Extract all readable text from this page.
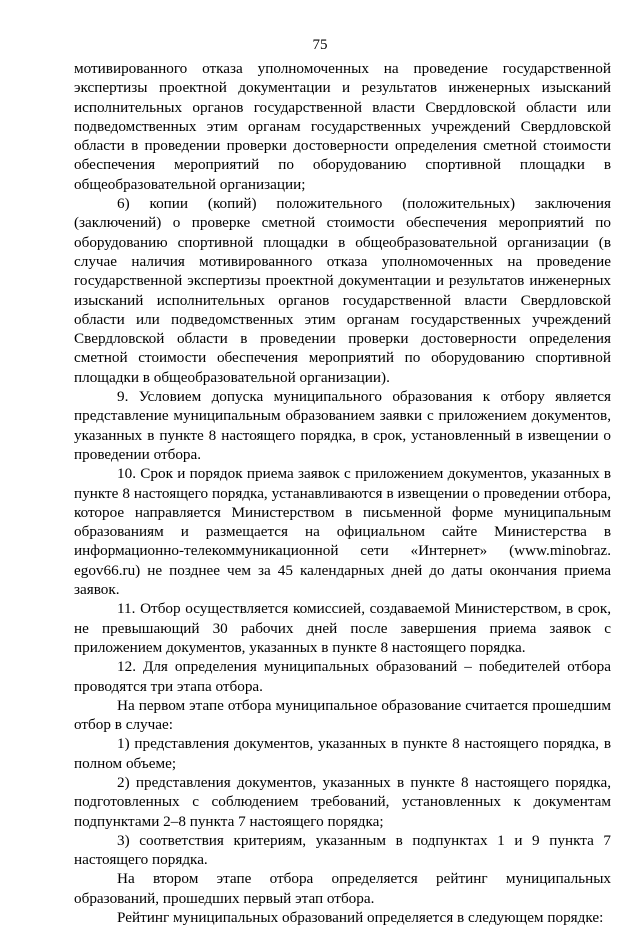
75

мотивированного отказа уполномоченных на проведение государственной экспертизы проектной документации и результатов инженерных изысканий исполнительных органов государственной власти Свердловской области или подведомственных этим органам государственных учреждений Свердловской области в проведении проверки достоверности определения сметной стоимости обеспечения мероприятий по оборудованию спортивной площадки в общеобразовательной организации;

6) копии (копий) положительного (положительных) заключения (заключений) о проверке сметной стоимости обеспечения мероприятий по оборудованию спортивной площадки в общеобразовательной организации (в случае наличия мотивированного отказа уполномоченных на проведение государственной экспертизы проектной документации и результатов инженерных изысканий исполнительных органов государственной власти Свердловской области или подведомственных этим органам государственных учреждений Свердловской области в проведении проверки достоверности определения сметной стоимости обеспечения мероприятий по оборудованию спортивной площадки в общеобразовательной организации).

9. Условием допуска муниципального образования к отбору является представление муниципальным образованием заявки с приложением документов, указанных в пункте 8 настоящего порядка, в срок, установленный в извещении о проведении отбора.

10. Срок и порядок приема заявок с приложением документов, указанных в пункте 8 настоящего порядка, устанавливаются в извещении о проведении отбора, которое направляется Министерством в письменной форме муниципальным образованиям и размещается на официальном сайте Министерства в информационно-телекоммуникационной сети «Интернет» (www.minobraz. egov66.ru) не позднее чем за 45 календарных дней до даты окончания приема заявок.

11. Отбор осуществляется комиссией, создаваемой Министерством, в срок, не превышающий 30 рабочих дней после завершения приема заявок с приложением документов, указанных в пункте 8 настоящего порядка.

12. Для определения муниципальных образований – победителей отбора проводятся три этапа отбора.

На первом этапе отбора муниципальное образование считается прошедшим отбор в случае:

1) представления документов, указанных в пункте 8 настоящего порядка, в полном объеме;

2) представления документов, указанных в пункте 8 настоящего порядка, подготовленных с соблюдением требований, установленных к документам подпунктами 2–8 пункта 7 настоящего порядка;

3) соответствия критериям, указанным в подпунктах 1 и 9 пункта 7 настоящего порядка.

На втором этапе отбора определяется рейтинг муниципальных образований, прошедших первый этап отбора.

Рейтинг муниципальных образований определяется в следующем порядке:
